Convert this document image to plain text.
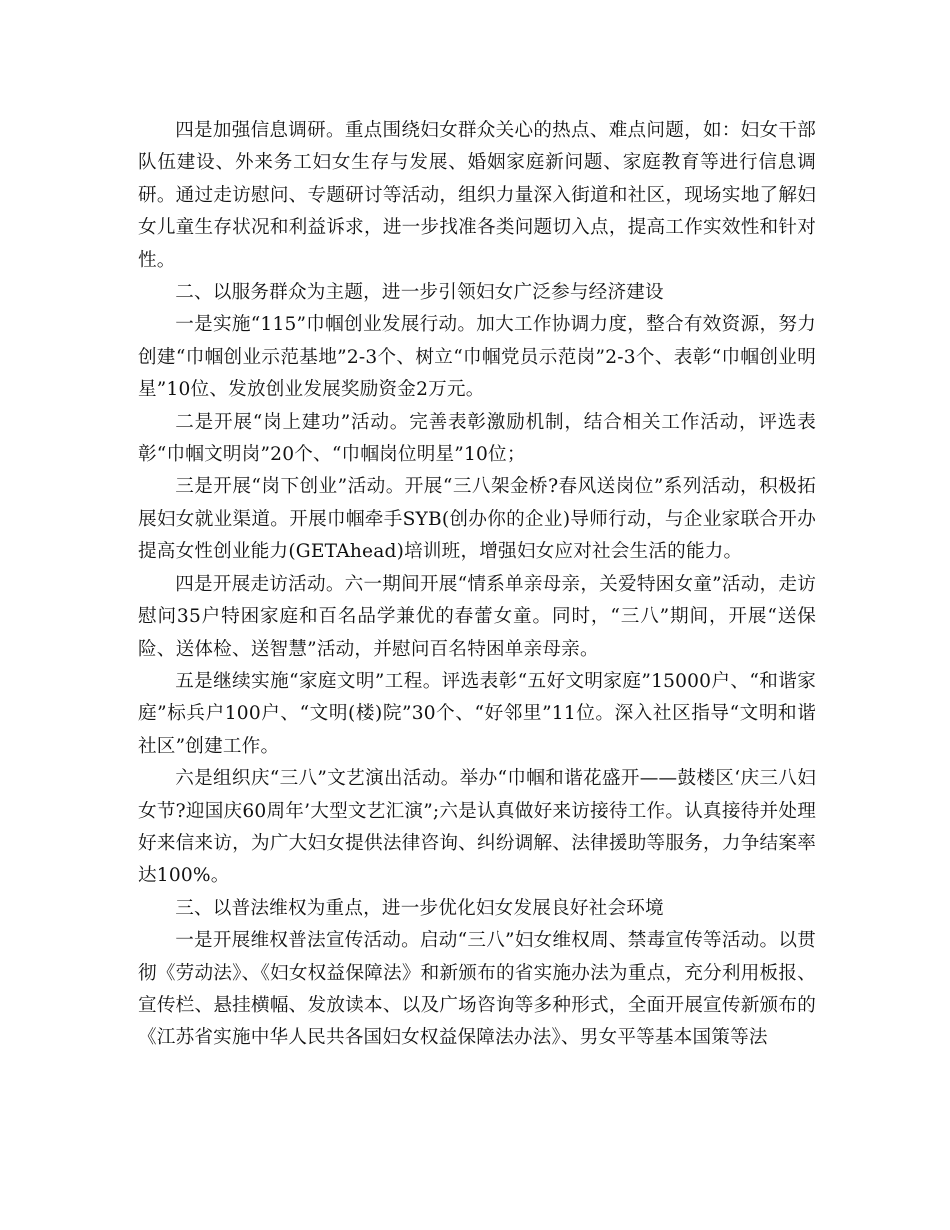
四是加强信息调研。重点围绕妇女群众关心的热点、难点问题，如：妇女干部队伍建设、外来务工妇女生存与发展、婚姻家庭新问题、家庭教育等进行信息调研。通过走访慰问、专题研讨等活动，组织力量深入街道和社区，现场实地了解妇女儿童生存状况和利益诉求，进一步找准各类问题切入点，提高工作实效性和针对性。

二、以服务群众为主题，进一步引领妇女广泛参与经济建设

一是实施“115”巾帼创业发展行动。加大工作协调力度，整合有效资源，努力创建“巾帼创业示范基地”2-3个、树立“巾帼党员示范岗”2-3个、表彰“巾帼创业明星”10位、发放创业发展奖励资金2万元。

二是开展“岗上建功”活动。完善表彰激励机制，结合相关工作活动，评选表彰“巾帼文明岗”20个、“巾帼岗位明星”10位；

三是开展“岗下创业”活动。开展“三八架金桥?春风送岗位”系列活动，积极拓展妇女就业渠道。开展巾帼牵手SYB(创办你的企业)导师行动，与企业家联合开办提高女性创业能力(GETAhead)培训班，增强妇女应对社会生活的能力。

四是开展走访活动。六一期间开展“情系单亲母亲，关爱特困女童”活动，走访慰问35户特困家庭和百名品学兼优的春蕾女童。同时，“三八”期间，开展“送保险、送体检、送智慧”活动，并慰问百名特困单亲母亲。

五是继续实施“家庭文明”工程。评选表彰“五好文明家庭”15000户、“和谐家庭”标兵户100户、“文明(楼)院”30个、“好邻里”11位。深入社区指导“文明和谐社区”创建工作。

六是组织庆“三八”文艺演出活动。举办“巾帼和谐花盛开——鼓楼区‘庆三八妇女节?迎国庆60周年’大型文艺汇演”;六是认真做好来访接待工作。认真接待并处理好来信来访，为广大妇女提供法律咨询、纠纷调解、法律援助等服务，力争结案率达100%。

三、以普法维权为重点，进一步优化妇女发展良好社会环境

一是开展维权普法宣传活动。启动“三八”妇女维权周、禁毒宣传等活动。以贯彻《劳动法》、《妇女权益保障法》和新颁布的省实施办法为重点，充分利用板报、宣传栏、悬挂横幅、发放读本、以及广场咨询等多种形式，全面开展宣传新颁布的《江苏省实施中华人民共各国妇女权益保障法办法》、男女平等基本国策等法
